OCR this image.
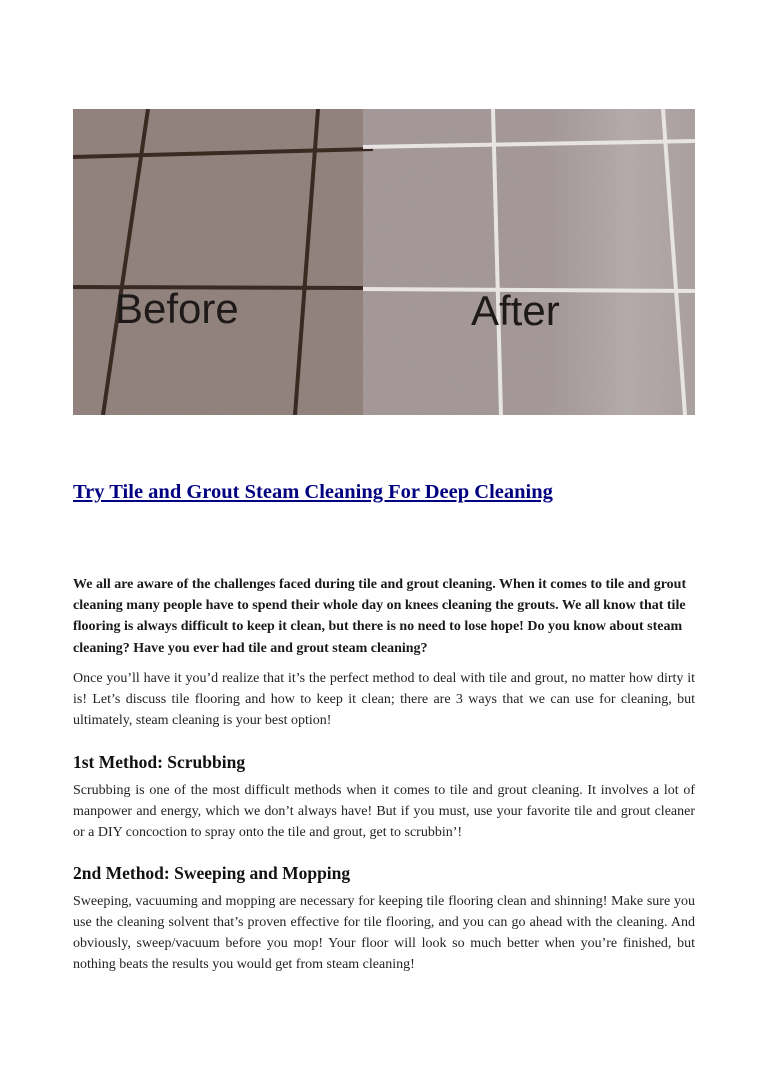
Before	After
Try Tile and Grout Steam Cleaning For Deep Cleaning

We all are aware of the challenges faced during tile and grout cleaning. When it comes to tile and grout cleaning many people have to spend their whole day on knees cleaning the grouts. We all know that tile flooring is always difficult to keep it clean, but there is no need to lose hope! Do you know about steam cleaning? Have you ever had tile and grout steam cleaning?

Once you’ll have it you’d realize that it’s the perfect method to deal with tile and grout, no matter how dirty it is! Let’s discuss tile flooring and how to keep it clean; there are 3 ways that we can use for cleaning, but ultimately, steam cleaning is your best option!

1st Method: Scrubbing

Scrubbing is one of the most difficult methods when it comes to tile and grout cleaning. It involves a lot of manpower and energy, which we don’t always have! But if you must, use your favorite tile and grout cleaner or a DIY concoction to spray onto the tile and grout, get to scrubbin’!

2nd Method: Sweeping and Mopping

Sweeping, vacuuming and mopping are necessary for keeping tile flooring clean and shinning! Make sure you use the cleaning solvent that’s proven effective for tile flooring, and you can go ahead with the cleaning. And obviously, sweep/vacuum before you mop! Your floor will look so much better when you’re finished, but nothing beats the results you would get from steam cleaning!
